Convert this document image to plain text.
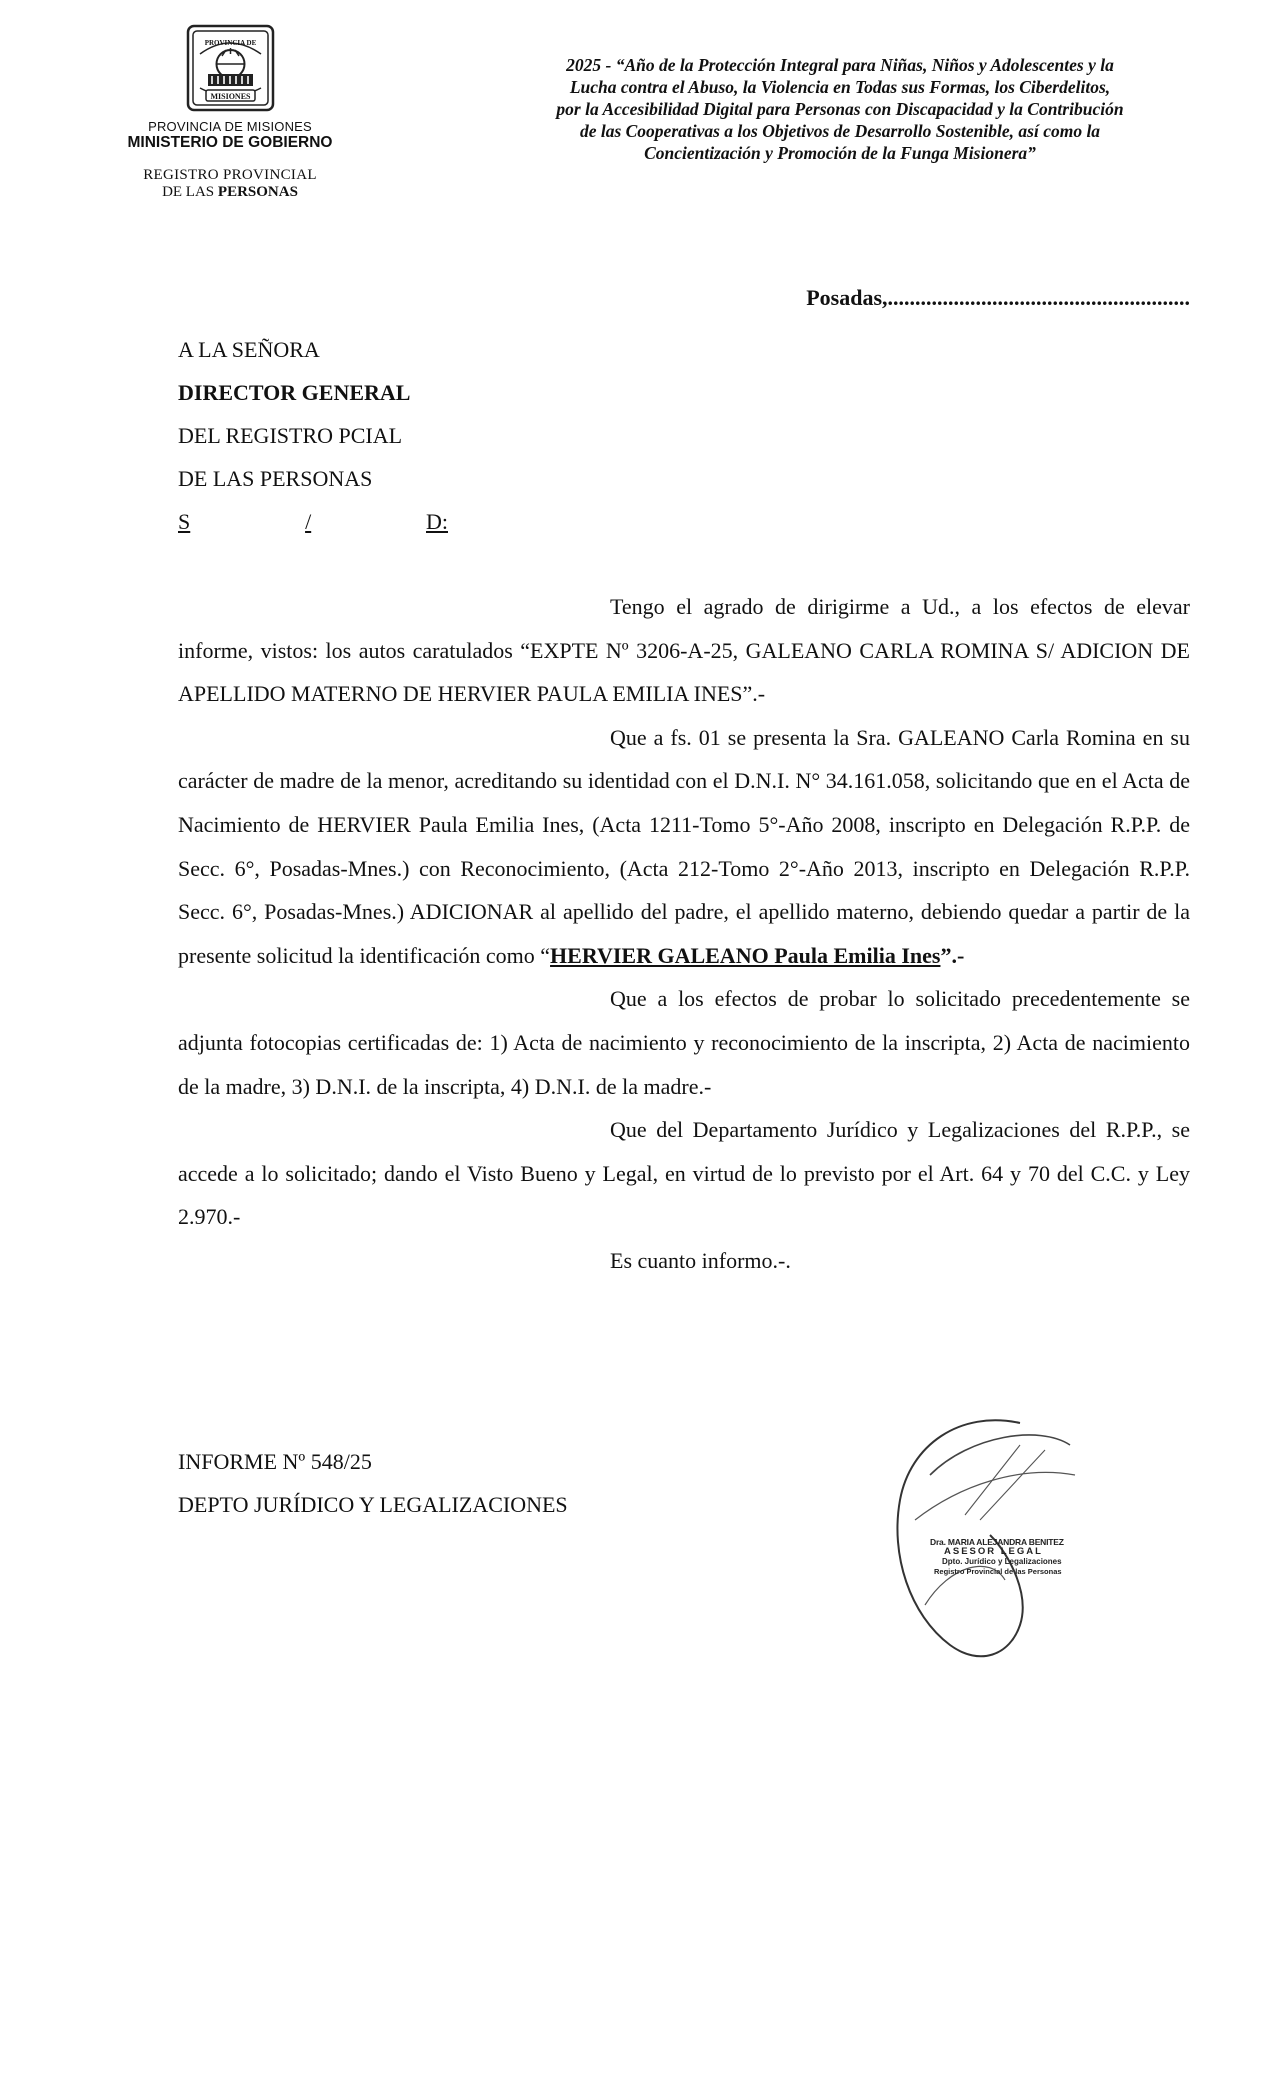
PROVINCIA DE
MISIONES
PROVINCIA DE MISIONES
MINISTERIO DE GOBIERNO
REGISTRO PROVINCIAL
DE LAS PERSONAS
2025 - “Año de la Protección Integral para Niñas, Niños y Adolescentes y la
Lucha contra el Abuso, la Violencia en Todas sus Formas, los Ciberdelitos,
por la Accesibilidad Digital para Personas con Discapacidad y la Contribución
de las Cooperativas a los Objetivos de Desarrollo Sostenible, así como la
Concientización y Promoción de la Funga Misionera”
Posadas,.......................................................
A LA SEÑORA
DIRECTOR GENERAL
DEL REGISTRO PCIAL
DE LAS PERSONAS
S	/	D:

Tengo el agrado de dirigirme a Ud., a los efectos de elevar informe, vistos: los autos caratulados “EXPTE Nº 3206-A-25, GALEANO CARLA ROMINA S/ ADICION DE APELLIDO MATERNO DE HERVIER PAULA EMILIA INES”.-

Que a fs. 01 se presenta la Sra. GALEANO Carla Romina en su carácter de madre de la menor, acreditando su identidad con el D.N.I. N° 34.161.058, solicitando que en el Acta de Nacimiento de HERVIER Paula Emilia Ines, (Acta 1211-Tomo 5°-Año 2008, inscripto en Delegación R.P.P. de Secc. 6°, Posadas-Mnes.) con Reconocimiento, (Acta 212-Tomo 2°-Año 2013, inscripto en Delegación R.P.P. Secc. 6°, Posadas-Mnes.) ADICIONAR al apellido del padre, el apellido materno, debiendo quedar a partir de la presente solicitud la identificación como “HERVIER GALEANO Paula Emilia Ines”.-

Que a los efectos de probar lo solicitado precedentemente se adjunta fotocopias certificadas de: 1) Acta de nacimiento y reconocimiento de la inscripta, 2) Acta de nacimiento de la madre, 3) D.N.I. de la inscripta, 4) D.N.I. de la madre.-

Que del Departamento Jurídico y Legalizaciones del R.P.P., se accede a lo solicitado; dando el Visto Bueno y Legal, en virtud de lo previsto por el Art. 64 y 70 del C.C. y Ley 2.970.-

Es cuanto informo.-.

INFORME Nº 548/25
DEPTO JURÍDICO Y LEGALIZACIONES
Dra. MARIA ALEJANDRA BENITEZ
ASESOR LEGAL
Dpto. Jurídico y Legalizaciones
Registro Provincial de las Personas
